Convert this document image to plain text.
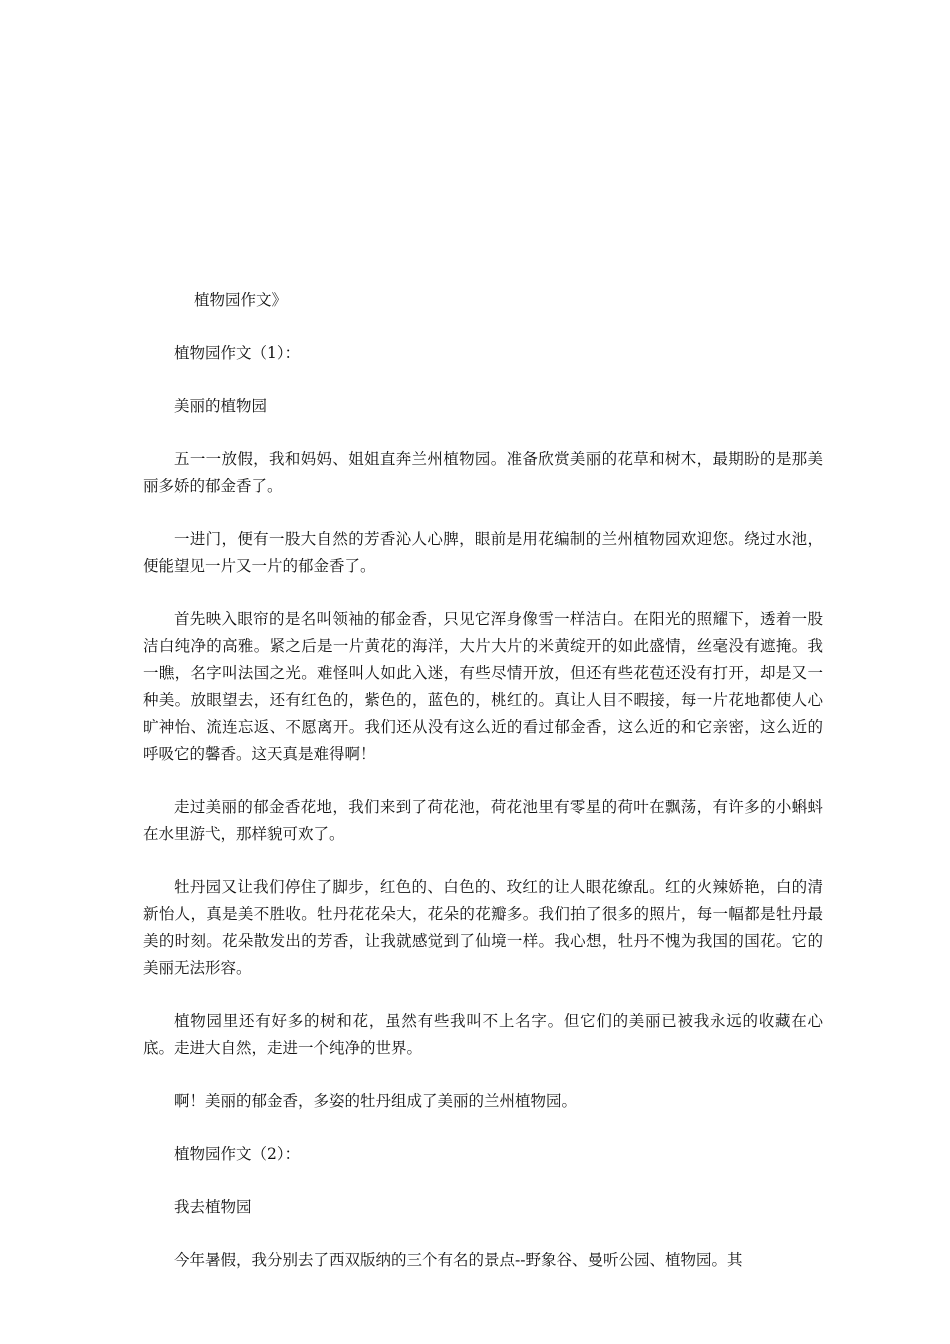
植物园作文》

植物园作文（1）：

美丽的植物园

五一一放假，我和妈妈、姐姐直奔兰州植物园。准备欣赏美丽的花草和树木，最期盼的是那美丽多娇的郁金香了。

一进门，便有一股大自然的芳香沁人心脾，眼前是用花编制的兰州植物园欢迎您。绕过水池，便能望见一片又一片的郁金香了。

首先映入眼帘的是名叫领袖的郁金香，只见它浑身像雪一样洁白。在阳光的照耀下，透着一股洁白纯净的高雅。紧之后是一片黄花的海洋，大片大片的米黄绽开的如此盛情，丝毫没有遮掩。我一瞧，名字叫法国之光。难怪叫人如此入迷，有些尽情开放，但还有些花苞还没有打开，却是又一种美。放眼望去，还有红色的，紫色的，蓝色的，桃红的。真让人目不暇接，每一片花地都使人心旷神怡、流连忘返、不愿离开。我们还从没有这么近的看过郁金香，这么近的和它亲密，这么近的呼吸它的馨香。这天真是难得啊！

走过美丽的郁金香花地，我们来到了荷花池，荷花池里有零星的荷叶在飘荡，有许多的小蝌蚪在水里游弋，那样貌可欢了。

牡丹园又让我们停住了脚步，红色的、白色的、玫红的让人眼花缭乱。红的火辣娇艳，白的清新怡人，真是美不胜收。牡丹花花朵大，花朵的花瓣多。我们拍了很多的照片，每一幅都是牡丹最美的时刻。花朵散发出的芳香，让我就感觉到了仙境一样。我心想，牡丹不愧为我国的国花。它的美丽无法形容。

植物园里还有好多的树和花，虽然有些我叫不上名字。但它们的美丽已被我永远的收藏在心底。走进大自然，走进一个纯净的世界。

啊！美丽的郁金香，多姿的牡丹组成了美丽的兰州植物园。

植物园作文（2）：

我去植物园

今年暑假，我分别去了西双版纳的三个有名的景点--野象谷、曼听公园、植物园。其
